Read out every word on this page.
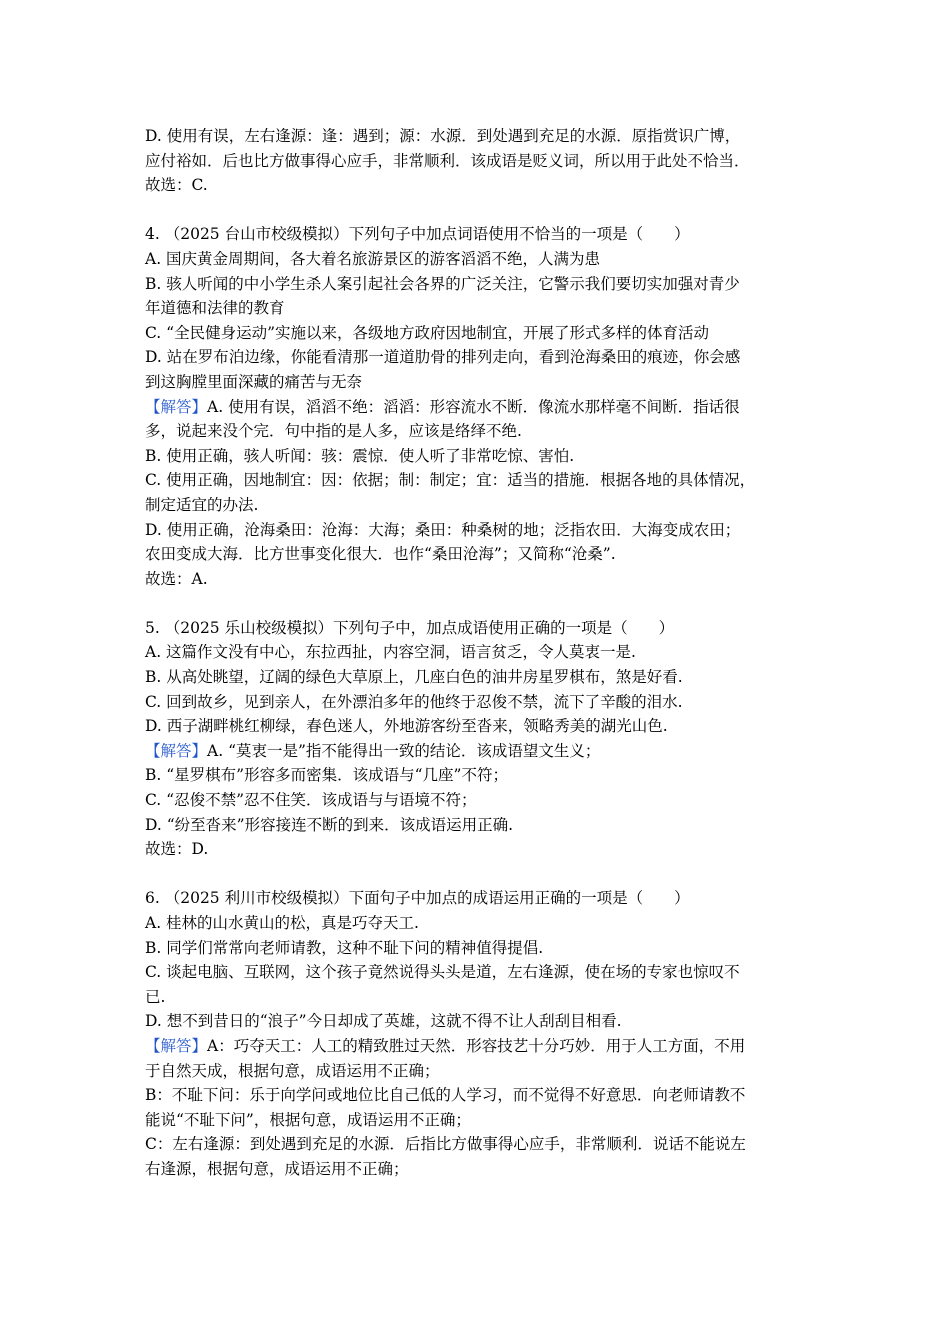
D. 使用有误，左右逢源：逢：遇到；源：水源．到处遇到充足的水源．原指赏识广博，
应付裕如．后也比方做事得心应手，非常顺利．该成语是贬义词，所以用于此处不恰当．
故选：C.
4. （2025 台山市校级模拟）下列句子中加点词语使用不恰当的一项是（　　）
A. 国庆黄金周期间，各大着名旅游景区的游客滔滔不绝，人满为患
B. 骇人听闻的中小学生杀人案引起社会各界的广泛关注，它警示我们要切实加强对青少
年道德和法律的教育
C. “全民健身运动”实施以来，各级地方政府因地制宜，开展了形式多样的体育活动
D. 站在罗布泊边缘，你能看清那一道道肋骨的排列走向，看到沧海桑田的痕迹，你会感
到这胸膛里面深藏的痛苦与无奈
【解答】A. 使用有误，滔滔不绝：滔滔：形容流水不断．像流水那样毫不间断．指话很
多，说起来没个完．句中指的是人多，应该是络绎不绝.
B. 使用正确，骇人听闻：骇：震惊．使人听了非常吃惊、害怕.
C. 使用正确，因地制宜：因：依据；制：制定；宜：适当的措施．根据各地的具体情况，
制定适宜的办法.
D. 使用正确，沧海桑田：沧海：大海；桑田：种桑树的地；泛指农田．大海变成农田；
农田变成大海．比方世事变化很大．也作“桑田沧海”；又简称“沧桑”.
故选：A.
5. （2025 乐山校级模拟）下列句子中，加点成语使用正确的一项是（　　）
A. 这篇作文没有中心，东拉西扯，内容空洞，语言贫乏，令人莫衷一是.
B. 从高处眺望，辽阔的绿色大草原上，几座白色的油井房星罗棋布，煞是好看.
C. 回到故乡，见到亲人，在外漂泊多年的他终于忍俊不禁，流下了辛酸的泪水.
D. 西子湖畔桃红柳绿，春色迷人，外地游客纷至沓来，领略秀美的湖光山色.
【解答】A. “莫衷一是”指不能得出一致的结论．该成语望文生义；
B. “星罗棋布”形容多而密集．该成语与“几座”不符；
C. “忍俊不禁”忍不住笑．该成语与与语境不符；
D. “纷至沓来”形容接连不断的到来．该成语运用正确.
故选：D.
6. （2025 利川市校级模拟）下面句子中加点的成语运用正确的一项是（　　）
A. 桂林的山水黄山的松，真是巧夺天工.
B. 同学们常常向老师请教，这种不耻下问的精神值得提倡.
C. 谈起电脑、互联网，这个孩子竟然说得头头是道，左右逢源，使在场的专家也惊叹不
已.
D. 想不到昔日的“浪子”今日却成了英雄，这就不得不让人刮刮目相看.
【解答】A：巧夺天工：人工的精致胜过天然．形容技艺十分巧妙．用于人工方面，不用
于自然天成，根据句意，成语运用不正确；
B：不耻下问：乐于向学问或地位比自己低的人学习，而不觉得不好意思．向老师请教不
能说“不耻下问”，根据句意，成语运用不正确；
C：左右逢源：到处遇到充足的水源．后指比方做事得心应手，非常顺利．说话不能说左
右逢源，根据句意，成语运用不正确；
